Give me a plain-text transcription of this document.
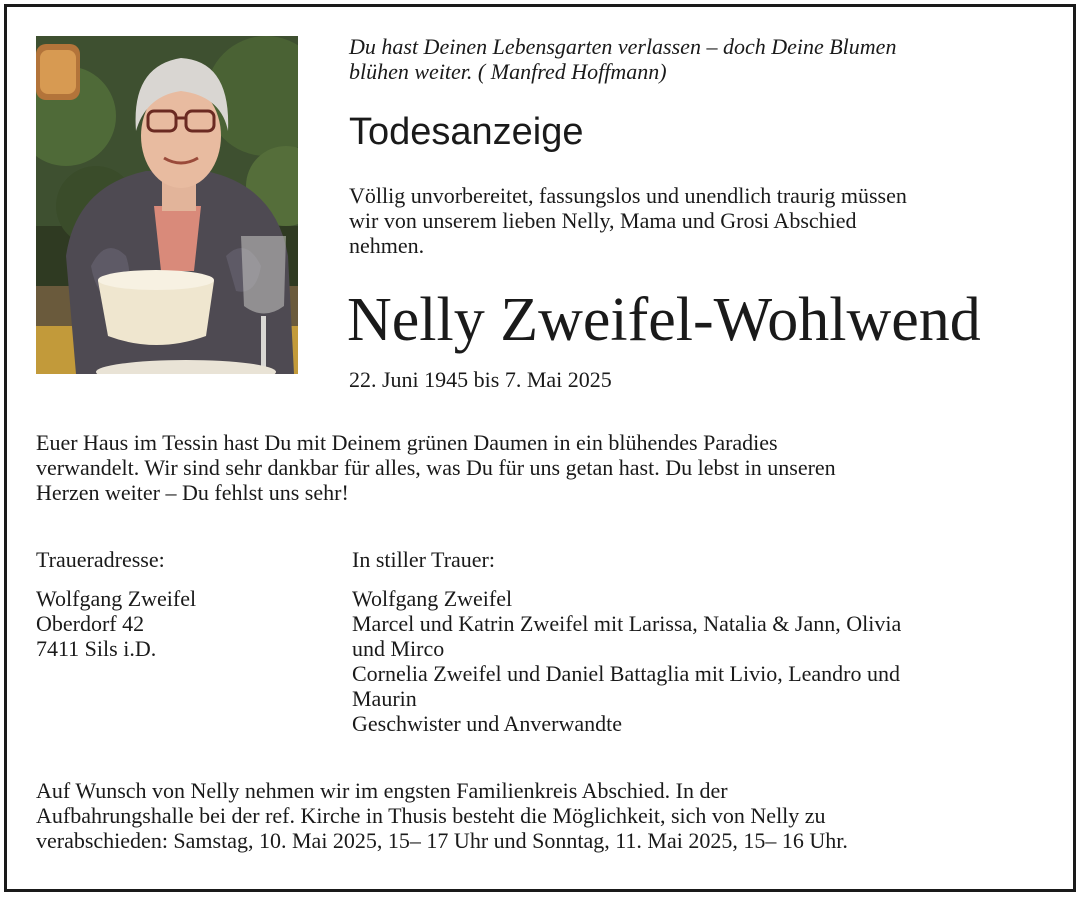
Du hast Deinen Lebensgarten verlassen – doch Deine Blumen
blühen weiter. ( Manfred Hoffmann)
Todesanzeige
Völlig unvorbereitet, fassungslos und unendlich traurig müssen
wir von unserem lieben Nelly, Mama und Grosi Abschied
nehmen.
Nelly Zweifel-Wohlwend
22. Juni 1945 bis 7. Mai 2025
Euer Haus im Tessin hast Du mit Deinem grünen Daumen in ein blühendes Paradies
verwandelt. Wir sind sehr dankbar für alles, was Du für uns getan hast. Du lebst in unseren
Herzen weiter – Du fehlst uns sehr!
Traueradresse:
Wolfgang Zweifel
Oberdorf 42
7411 Sils i.D.
In stiller Trauer:
Wolfgang Zweifel
Marcel und Katrin Zweifel mit Larissa, Natalia & Jann, Olivia
und Mirco
Cornelia Zweifel und Daniel Battaglia mit Livio, Leandro und
Maurin
Geschwister und Anverwandte
Auf Wunsch von Nelly nehmen wir im engsten Familienkreis Abschied. In der
Aufbahrungshalle bei der ref. Kirche in Thusis besteht die Möglichkeit, sich von Nelly zu
verabschieden: Samstag, 10. Mai 2025, 15– 17 Uhr und Sonntag, 11. Mai 2025, 15– 16 Uhr.
